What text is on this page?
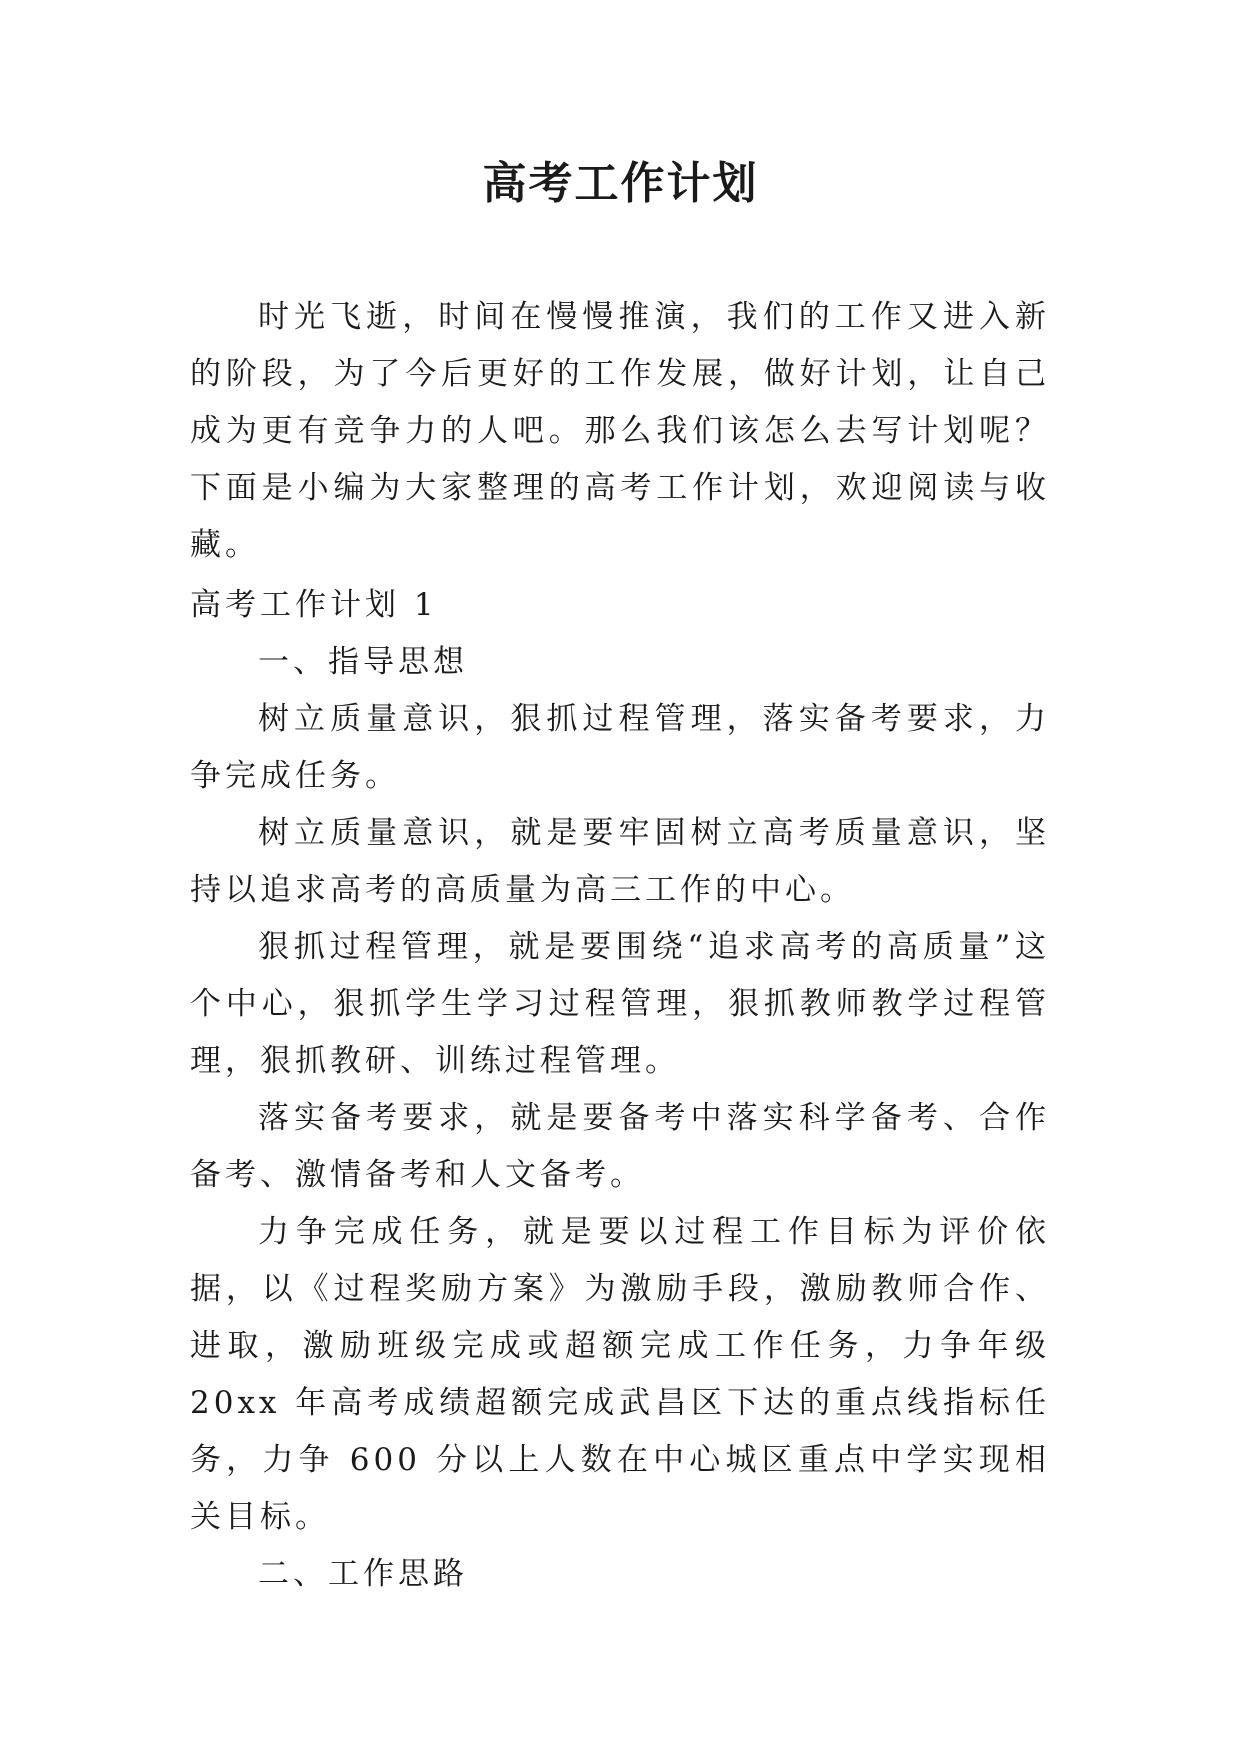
高考工作计划

时光飞逝，时间在慢慢推演，我们的工作又进入新的阶段，为了今后更好的工作发展，做好计划，让自己成为更有竞争力的人吧。那么我们该怎么去写计划呢？下面是小编为大家整理的高考工作计划，欢迎阅读与收藏。

高考工作计划 1

一、指导思想

树立质量意识，狠抓过程管理，落实备考要求，力争完成任务。

树立质量意识，就是要牢固树立高考质量意识，坚持以追求高考的高质量为高三工作的中心。

狠抓过程管理，就是要围绕“追求高考的高质量”这个中心，狠抓学生学习过程管理，狠抓教师教学过程管理，狠抓教研、训练过程管理。

落实备考要求，就是要备考中落实科学备考、合作备考、激情备考和人文备考。

力争完成任务，就是要以过程工作目标为评价依据，以《过程奖励方案》为激励手段，激励教师合作、进取，激励班级完成或超额完成工作任务，力争年级 20xx 年高考成绩超额完成武昌区下达的重点线指标任务，力争 600 分以上人数在中心城区重点中学实现相关目标。

二、工作思路
